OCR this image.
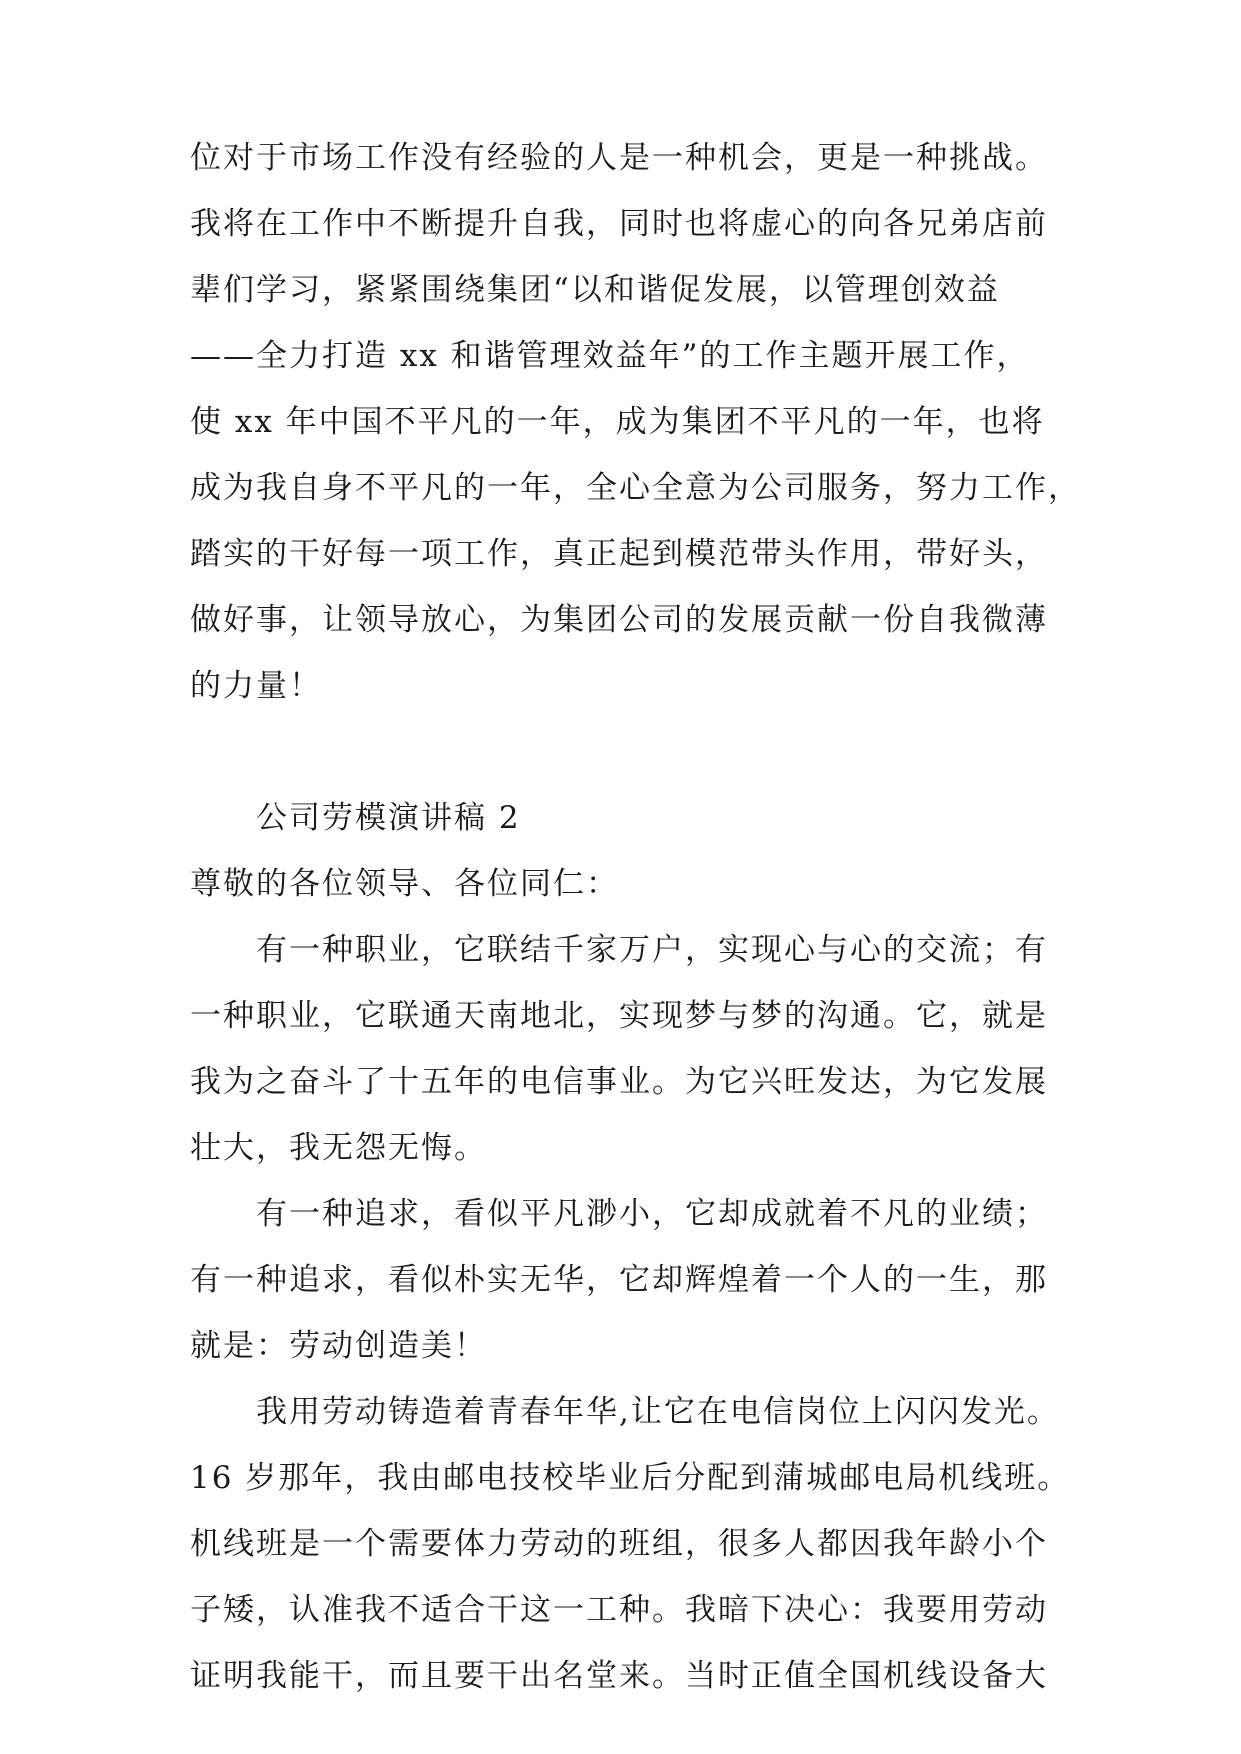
位对于市场工作没有经验的人是一种机会，更是一种挑战。
我将在工作中不断提升自我，同时也将虚心的向各兄弟店前
辈们学习，紧紧围绕集团“以和谐促发展，以管理创效益
——全力打造 xx 和谐管理效益年”的工作主题开展工作，
使 xx 年中国不平凡的一年，成为集团不平凡的一年，也将
成为我自身不平凡的一年，全心全意为公司服务，努力工作，
踏实的干好每一项工作，真正起到模范带头作用，带好头，
做好事，让领导放心，为集团公司的发展贡献一份自我微薄
的力量！
公司劳模演讲稿 2
尊敬的各位领导、各位同仁：
有一种职业，它联结千家万户，实现心与心的交流；有
一种职业，它联通天南地北，实现梦与梦的沟通。它，就是
我为之奋斗了十五年的电信事业。为它兴旺发达，为它发展
壮大，我无怨无悔。
有一种追求，看似平凡渺小，它却成就着不凡的业绩；
有一种追求，看似朴实无华，它却辉煌着一个人的一生，那
就是：劳动创造美！
我用劳动铸造着青春年华,让它在电信岗位上闪闪发光。
16 岁那年，我由邮电技校毕业后分配到蒲城邮电局机线班。
机线班是一个需要体力劳动的班组，很多人都因我年龄小个
子矮，认准我不适合干这一工种。我暗下决心：我要用劳动
证明我能干，而且要干出名堂来。当时正值全国机线设备大
